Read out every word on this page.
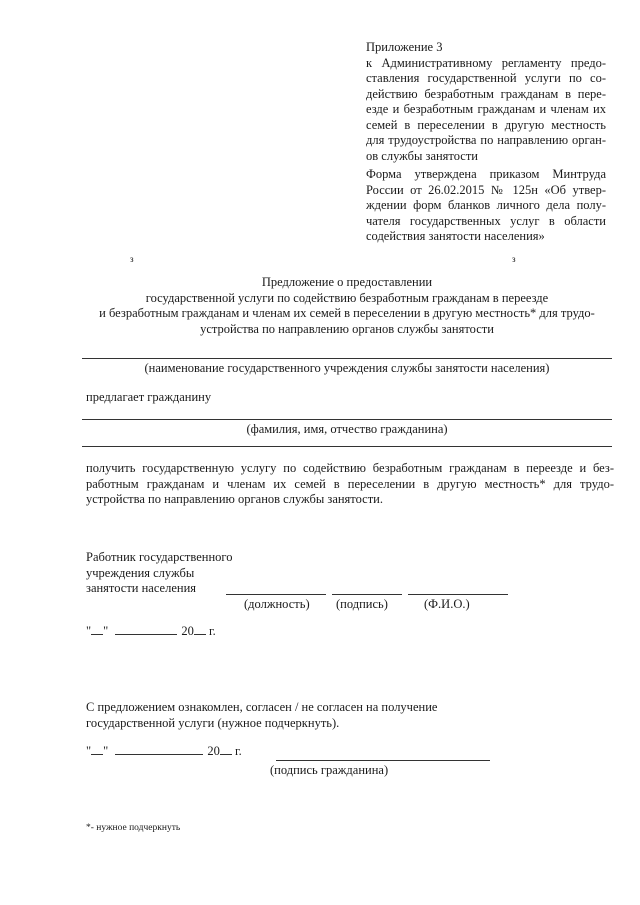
Приложение 3
к Административному регламенту предо-
ставления государственной услуги по со-
действию безработным гражданам в пере-
езде и безработным гражданам и членам их
семей в переселении в другую местность
для трудоустройства по направлению орган-
ов службы занятости
Форма утверждена приказом Минтруда
России от 26.02.2015 № 125н «Об утвер-
ждении форм бланков личного дела полу-
чателя государственных услуг в области
содействия занятости населения»
з	з
Предложение о предоставлении
государственной услуги по содействию безработным гражданам в переезде
и безработным гражданам и членам их семей в переселении в другую местность* для трудо-
устройства по направлению органов службы занятости
(наименование государственного учреждения службы занятости населения)
предлагает гражданину
(фамилия, имя, отчество гражданина)
получить государственную услугу по содействию безработным гражданам в переезде и без-
работным гражданам и членам их семей в переселении в другую местность* для трудо-
устройства по направлению органов службы занятости.
Работник государственного
учреждения службы
занятости населения
(должность) (подпись)	(Ф.И.О.)
" "	20 г.
С предложением ознакомлен, согласен / не согласен на получение
государственной услуги (нужное подчеркнуть).
" "	20 г.
(подпись гражданина)
*- нужное подчеркнуть
